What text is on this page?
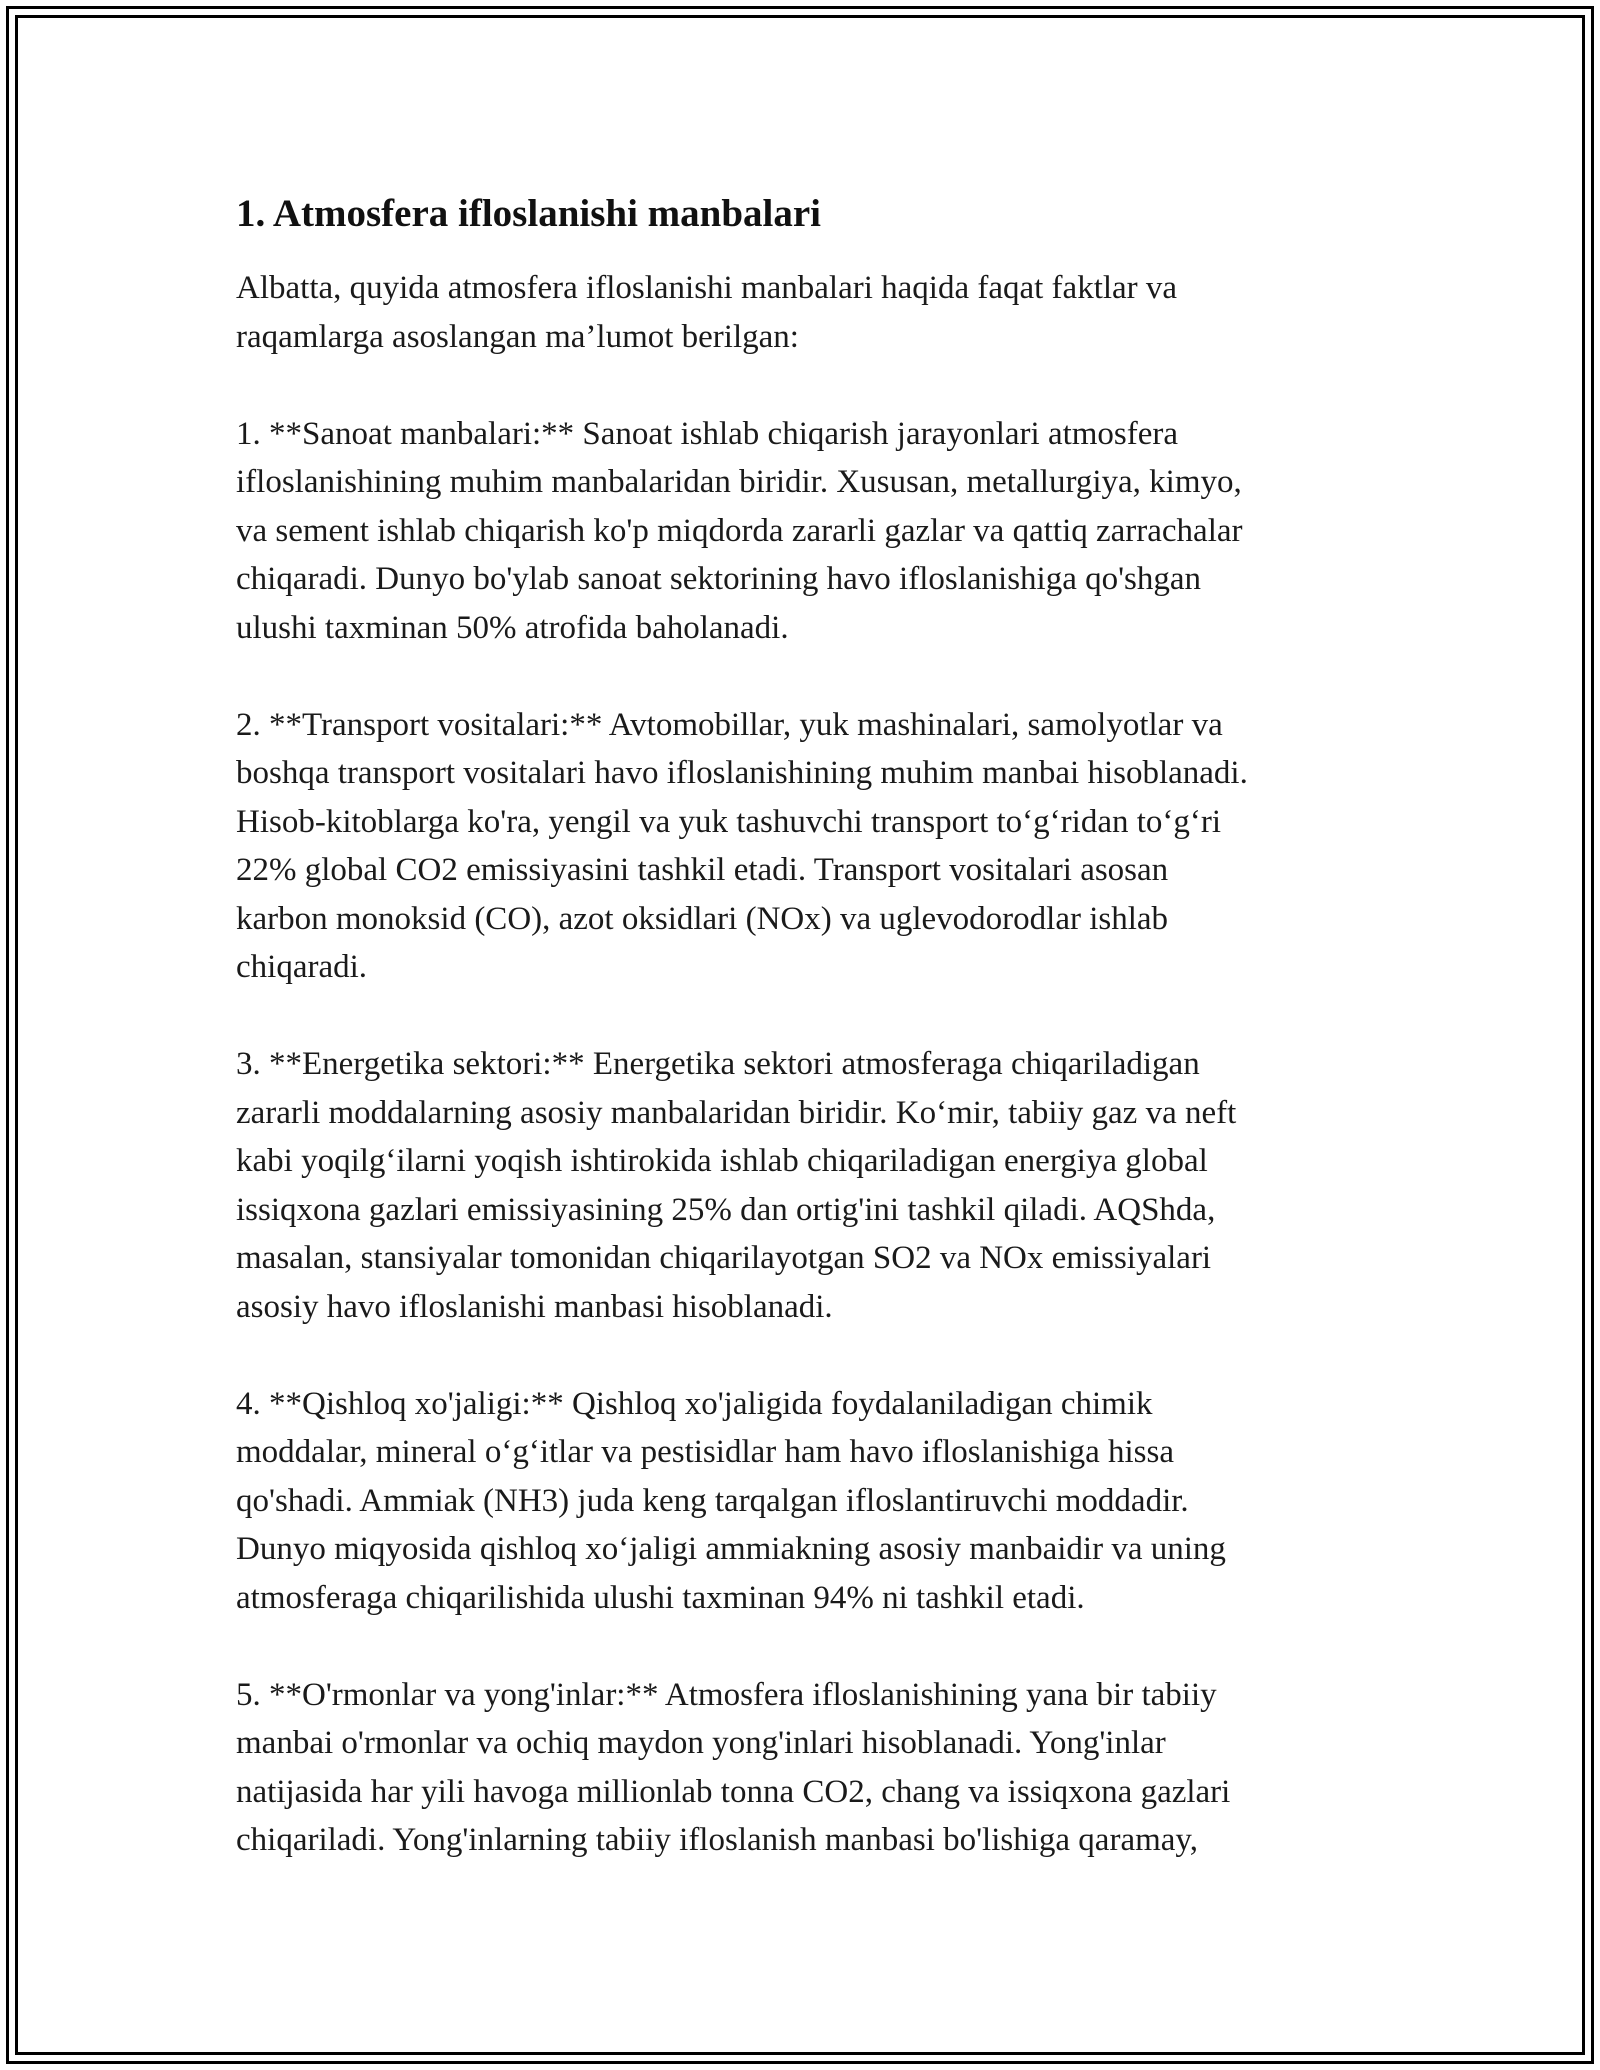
1. Atmosfera ifloslanishi manbalari

Albatta, quyida atmosfera ifloslanishi manbalari haqida faqat faktlar va
raqamlarga asoslangan ma’lumot berilgan:

1. **Sanoat manbalari:** Sanoat ishlab chiqarish jarayonlari atmosfera
ifloslanishining muhim manbalaridan biridir. Xususan, metallurgiya, kimyo,
va sement ishlab chiqarish ko'p miqdorda zararli gazlar va qattiq zarrachalar
chiqaradi. Dunyo bo'ylab sanoat sektorining havo ifloslanishiga qo'shgan
ulushi taxminan 50% atrofida baholanadi.

2. **Transport vositalari:** Avtomobillar, yuk mashinalari, samolyotlar va
boshqa transport vositalari havo ifloslanishining muhim manbai hisoblanadi.
Hisob-kitoblarga ko'ra, yengil va yuk tashuvchi transport to‘g‘ridan to‘g‘ri
22% global CO2 emissiyasini tashkil etadi. Transport vositalari asosan
karbon monoksid (CO), azot oksidlari (NOx) va uglevodorodlar ishlab
chiqaradi.

3. **Energetika sektori:** Energetika sektori atmosferaga chiqariladigan
zararli moddalarning asosiy manbalaridan biridir. Ko‘mir, tabiiy gaz va neft
kabi yoqilg‘ilarni yoqish ishtirokida ishlab chiqariladigan energiya global
issiqxona gazlari emissiyasining 25% dan ortig'ini tashkil qiladi. AQShda,
masalan, stansiyalar tomonidan chiqarilayotgan SO2 va NOx emissiyalari
asosiy havo ifloslanishi manbasi hisoblanadi.

4. **Qishloq xo'jaligi:** Qishloq xo'jaligida foydalaniladigan chimik
moddalar, mineral o‘g‘itlar va pestisidlar ham havo ifloslanishiga hissa
qo'shadi. Ammiak (NH3) juda keng tarqalgan ifloslantiruvchi moddadir.
Dunyo miqyosida qishloq xo‘jaligi ammiakning asosiy manbaidir va uning
atmosferaga chiqarilishida ulushi taxminan 94% ni tashkil etadi.

5. **O'rmonlar va yong'inlar:** Atmosfera ifloslanishining yana bir tabiiy
manbai o'rmonlar va ochiq maydon yong'inlari hisoblanadi. Yong'inlar
natijasida har yili havoga millionlab tonna CO2, chang va issiqxona gazlari
chiqariladi. Yong'inlarning tabiiy ifloslanish manbasi bo'lishiga qaramay,
